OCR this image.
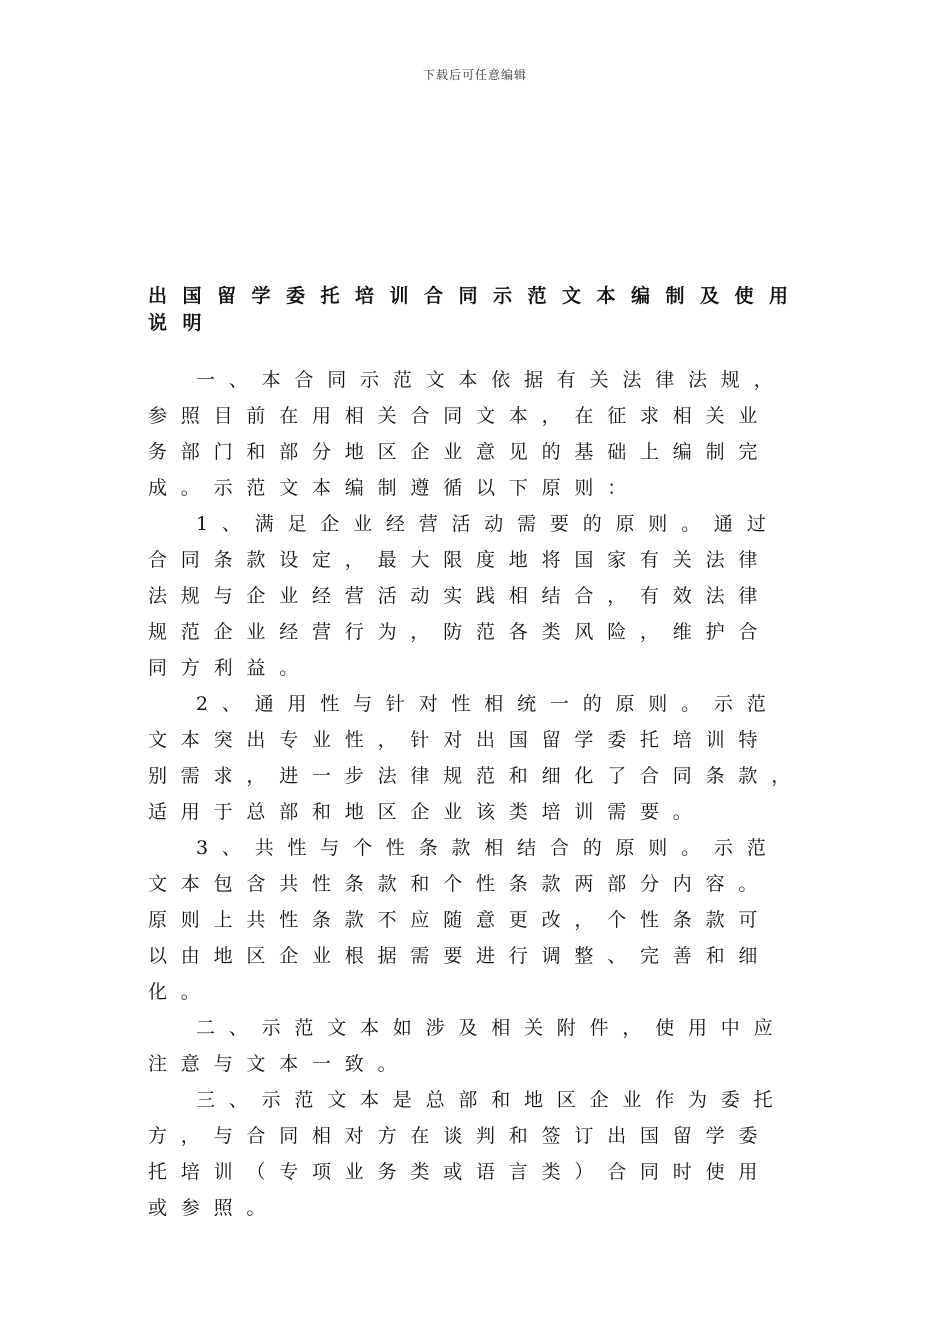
下载后可任意编辑
出国留学委托培训合同示范文本编制及使用
说明
一、本合同示范文本依据有关法律法规，
参照目前在用相关合同文本，在征求相关业
务部门和部分地区企业意见的基础上编制完
成。示范文本编制遵循以下原则：
1、满足企业经营活动需要的原则。通过
合同条款设定，最大限度地将国家有关法律
法规与企业经营活动实践相结合，有效法律
规范企业经营行为，防范各类风险，维护合
同方利益。
2、通用性与针对性相统一的原则。示范
文本突出专业性，针对出国留学委托培训特
别需求，进一步法律规范和细化了合同条款，
适用于总部和地区企业该类培训需要。
3、共性与个性条款相结合的原则。示范
文本包含共性条款和个性条款两部分内容。
原则上共性条款不应随意更改，个性条款可
以由地区企业根据需要进行调整、完善和细
化。
二、示范文本如涉及相关附件，使用中应
注意与文本一致。
三、示范文本是总部和地区企业作为委托
方，与合同相对方在谈判和签订出国留学委
托培训（专项业务类或语言类）合同时使用
或参照。
